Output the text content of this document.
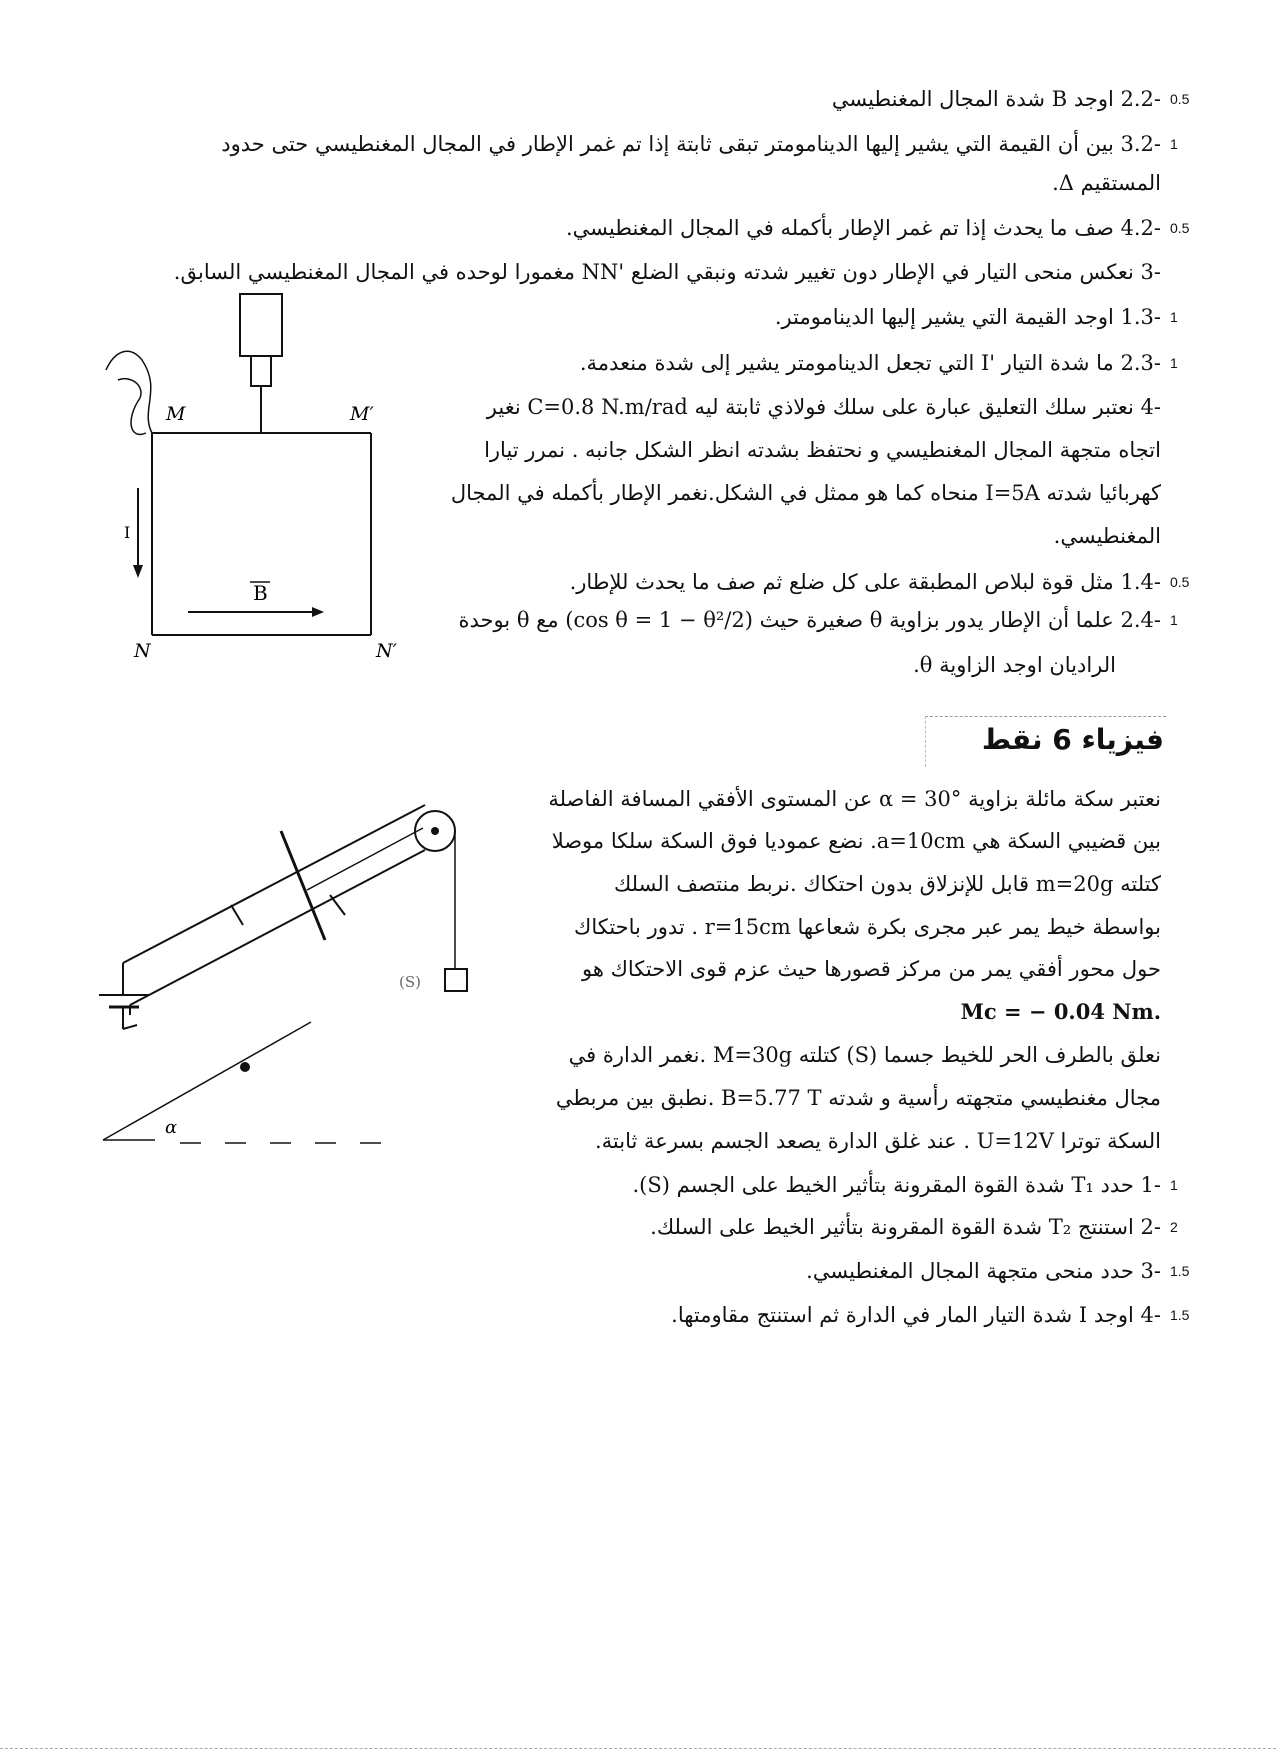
-2.2 اوجد B شدة المجال المغنطيسي 0.5
-3.2 بين أن القيمة التي يشير إليها الدينامومتر تبقى ثابتة إذا تم غمر الإطار في المجال المغنطيسي حتى حدود 1
المستقيم Δ.
-4.2 صف ما يحدث إذا تم غمر الإطار بأكمله في المجال المغنطيسي. 0.5
-3 نعكس منحى التيار في الإطار دون تغيير شدته ونبقي الضلع 'NN مغمورا لوحده في المجال المغنطيسي السابق.
-1.3 اوجد القيمة التي يشير إليها الدينامومتر. 1
-2.3 ما شدة التيار 'I التي تجعل الدينامومتر يشير إلى شدة منعدمة. 1
-4 نعتبر سلك التعليق عبارة على سلك فولاذي ثابتة ليه C=0.8 N.m/rad نغير
اتجاه متجهة المجال المغنطيسي و نحتفظ بشدته انظر الشكل جانبه . نمرر تيارا
كهربائيا شدته I=5A منحاه كما هو ممثل في الشكل.نغمر الإطار بأكمله في المجال
المغنطيسي.
-1.4 مثل قوة لبلاص المطبقة على كل ضلع ثم صف ما يحدث للإطار. 0.5
-2.4 علما أن الإطار يدور بزاوية θ صغيرة حيث (cos θ = 1 − θ²/2) مع θ بوحدة 1
الراديان اوجد الزاوية θ.
I
B
M	M′
N	N′
فيزياء 6 نقط
نعتبر سكة مائلة بزاوية α = 30° عن المستوى الأفقي المسافة الفاصلة
بين قضيبي السكة هي a=10cm. نضع عموديا فوق السكة سلكا موصلا
كتلته m=20g قابل للإنزلاق بدون احتكاك .نربط منتصف السلك
بواسطة خيط يمر عبر مجرى بكرة شعاعها r=15cm . تدور باحتكاك
حول محور أفقي يمر من مركز قصورها حيث عزم قوى الاحتكاك هو
.Mc = − 0.04 Nm
نعلق بالطرف الحر للخيط جسما (S) كتلته M=30g .نغمر الدارة في
مجال مغنطيسي متجهته رأسية و شدته B=5.77 T .نطبق بين مربطي
السكة توترا U=12V . عند غلق الدارة يصعد الجسم بسرعة ثابتة.
-1 حدد T₁ شدة القوة المقرونة بتأثير الخيط على الجسم (S). 1
-2 استنتج T₂ شدة القوة المقرونة بتأثير الخيط على السلك. 2
-3 حدد منحى متجهة المجال المغنطيسي. 1.5
-4 اوجد I شدة التيار المار في الدارة ثم استنتج مقاومتها. 1.5
(S)
α
